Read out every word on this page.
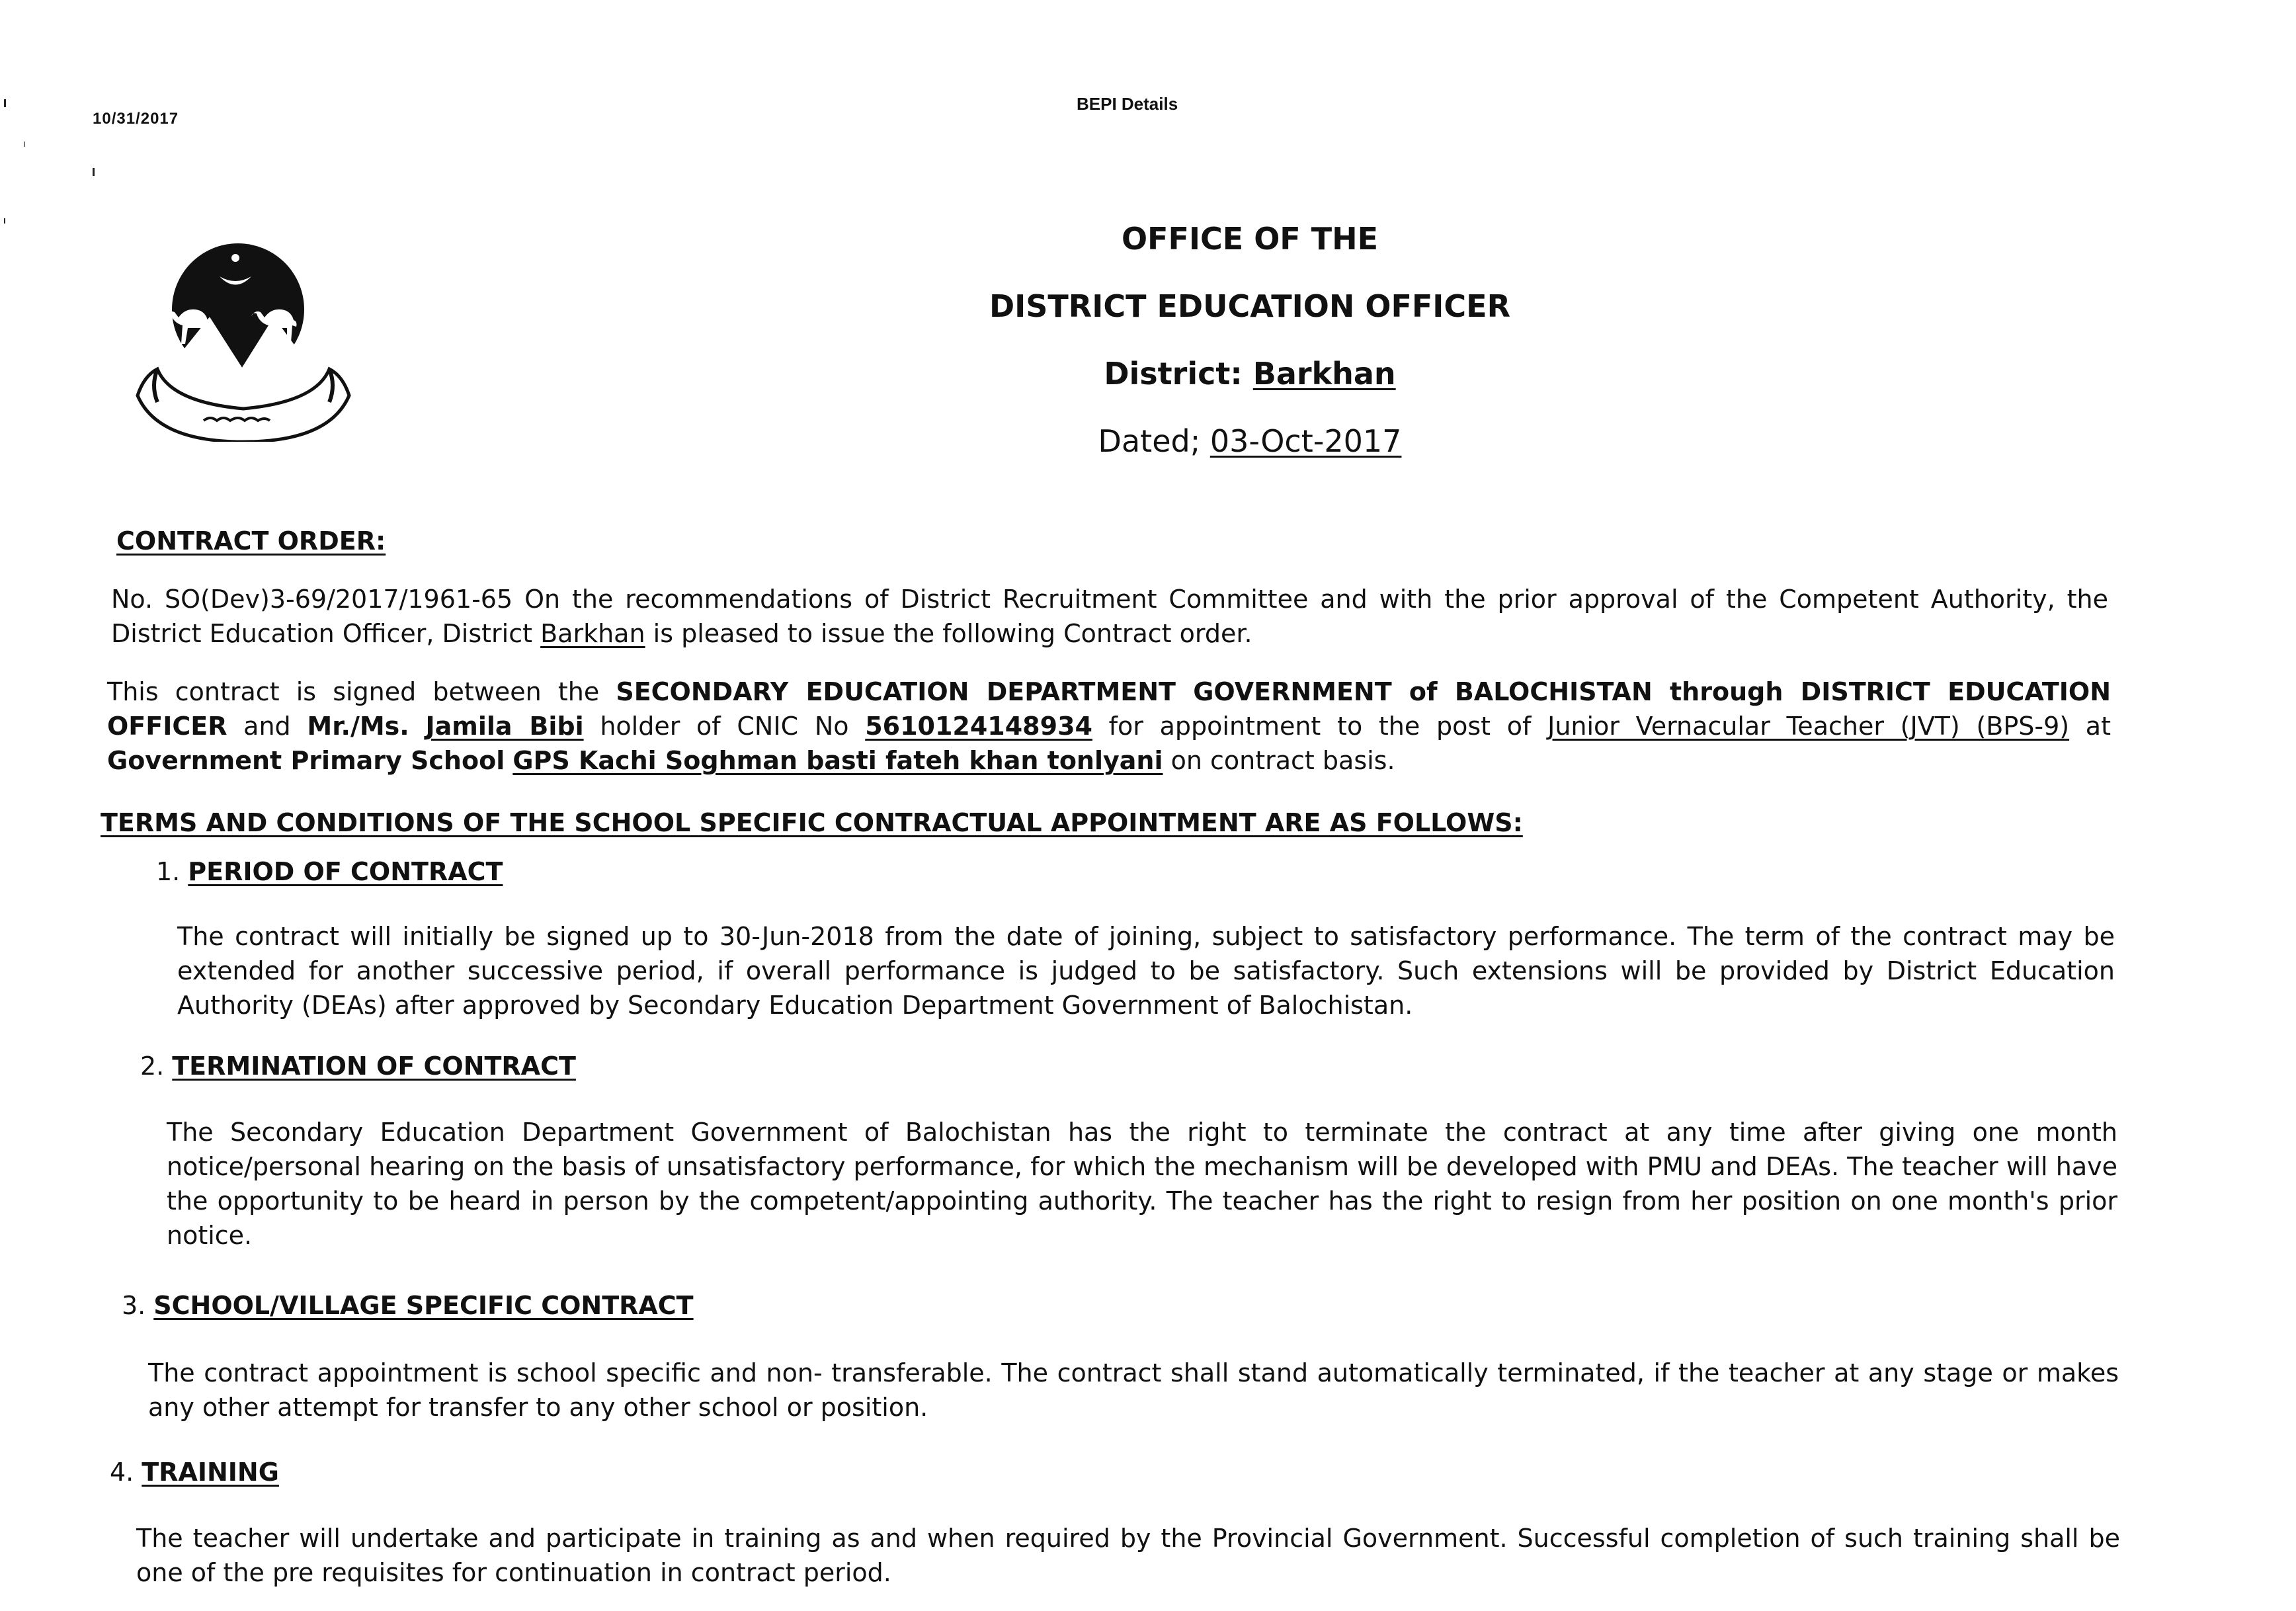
10/31/2017
BEPI Details
OFFICE OF THE
DISTRICT EDUCATION OFFICER
District: Barkhan
Dated; 03-Oct-2017
CONTRACT ORDER:
No. SO(Dev)3-69/2017/1961-65 On the recommendations of District Recruitment Committee and with the prior approval of the Competent Authority, the District Education Officer, District Barkhan is pleased to issue the following Contract order.
This contract is signed between the SECONDARY EDUCATION DEPARTMENT GOVERNMENT of BALOCHISTAN through DISTRICT EDUCATION OFFICER and Mr./Ms. Jamila Bibi holder of CNIC No 5610124148934 for appointment to the post of Junior Vernacular Teacher (JVT) (BPS-9) at Government Primary School GPS Kachi Soghman basti fateh khan tonlyani on contract basis.
TERMS AND CONDITIONS OF THE SCHOOL SPECIFIC CONTRACTUAL APPOINTMENT ARE AS FOLLOWS:
1. PERIOD OF CONTRACT
The contract will initially be signed up to 30-Jun-2018 from the date of joining, subject to satisfactory performance. The term of the contract may be extended for another successive period, if overall performance is judged to be satisfactory. Such extensions will be provided by District Education Authority (DEAs) after approved by Secondary Education Department Government of Balochistan.
2. TERMINATION OF CONTRACT
The Secondary Education Department Government of Balochistan has the right to terminate the contract at any time after giving one month notice/personal hearing on the basis of unsatisfactory performance, for which the mechanism will be developed with PMU and DEAs. The teacher will have the opportunity to be heard in person by the competent/appointing authority. The teacher has the right to resign from her position on one month's prior notice.
3. SCHOOL/VILLAGE SPECIFIC CONTRACT
The contract appointment is school specific and non- transferable. The contract shall stand automatically terminated, if the teacher at any stage or makes any other attempt for transfer to any other school or position.
4. TRAINING
The teacher will undertake and participate in training as and when required by the Provincial Government. Successful completion of such training shall be one of the pre requisites for continuation in contract period.
